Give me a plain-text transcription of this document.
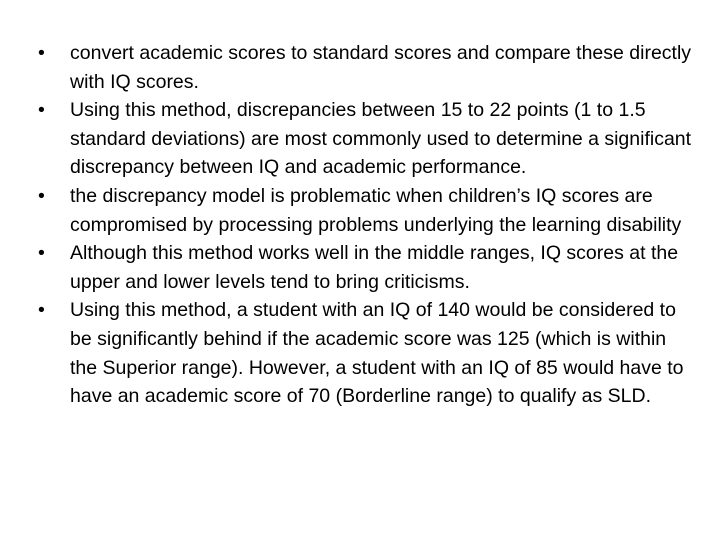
•	convert academic scores to standard scores and compare these directly with IQ scores.
•	Using this method, discrepancies between 15 to 22 points (1 to 1.5 standard deviations) are most commonly used to determine a significant discrepancy between IQ and academic performance.
•	the discrepancy model is problematic when children’s IQ scores are compromised by processing problems underlying the learning disability
•	Although this method works well in the middle ranges, IQ scores at the upper and lower levels tend to bring criticisms.
•	Using this method, a student with an IQ of 140 would be considered to be significantly behind if the academic score was 125 (which is within the Superior range). However, a student with an IQ of 85 would have to have an academic score of 70 (Borderline range) to qualify as SLD.
